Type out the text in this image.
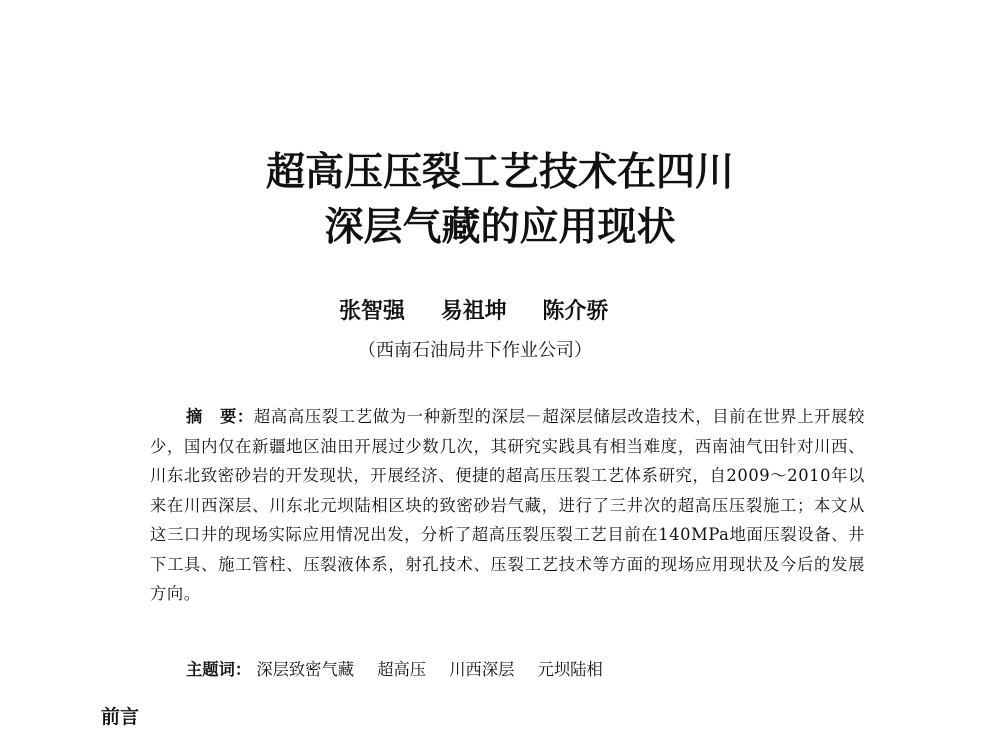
超高压压裂工艺技术在四川
深层气藏的应用现状
张智强 易祖坤 陈介骄
（西南石油局井下作业公司）
摘　要：超高高压裂工艺做为一种新型的深层－超深层储层改造技术，目前在世界上开展较少，国内仅在新疆地区油田开展过少数几次，其研究实践具有相当难度，西南油气田针对川西、川东北致密砂岩的开发现状，开展经济、便捷的超高压压裂工艺体系研究，自2009～2010年以来在川西深层、川东北元坝陆相区块的致密砂岩气藏，进行了三井次的超高压压裂施工；本文从这三口井的现场实际应用情况出发，分析了超高压裂压裂工艺目前在140MPa地面压裂设备、井下工具、施工管柱、压裂液体系，射孔技术、压裂工艺技术等方面的现场应用现状及今后的发展方向。
主题词： 深层致密气藏 超高压 川西深层 元坝陆相
前言
